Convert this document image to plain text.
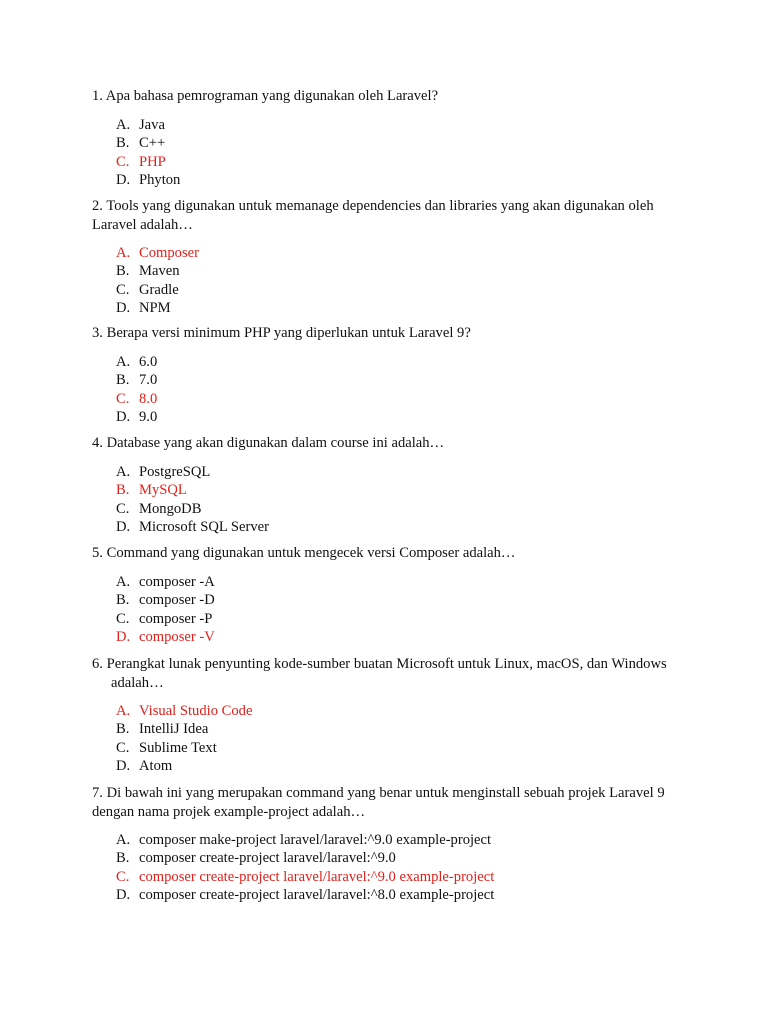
1. Apa bahasa pemrograman yang digunakan oleh Laravel?

A. Java
B. C++
C. PHP
D. Phyton

2. Tools yang digunakan untuk memanage dependencies dan libraries yang akan digunakan oleh Laravel adalah…

A. Composer
B. Maven
C. Gradle
D. NPM

3. Berapa versi minimum PHP yang diperlukan untuk Laravel 9?

A. 6.0
B. 7.0
C. 8.0
D. 9.0

4. Database yang akan digunakan dalam course ini adalah…

A. PostgreSQL
B. MySQL
C. MongoDB
D. Microsoft SQL Server

5. Command yang digunakan untuk mengecek versi Composer adalah…

A. composer -A
B. composer -D
C. composer -P
D. composer -V

6. Perangkat lunak penyunting kode-sumber buatan Microsoft untuk Linux, macOS, dan Windows adalah…

A. Visual Studio Code
B. IntelliJ Idea
C. Sublime Text
D. Atom

7. Di bawah ini yang merupakan command yang benar untuk menginstall sebuah projek Laravel 9 dengan nama projek example-project adalah…

A. composer make-project laravel/laravel:^9.0 example-project
B. composer create-project laravel/laravel:^9.0
C. composer create-project laravel/laravel:^9.0 example-project
D. composer create-project laravel/laravel:^8.0 example-project
